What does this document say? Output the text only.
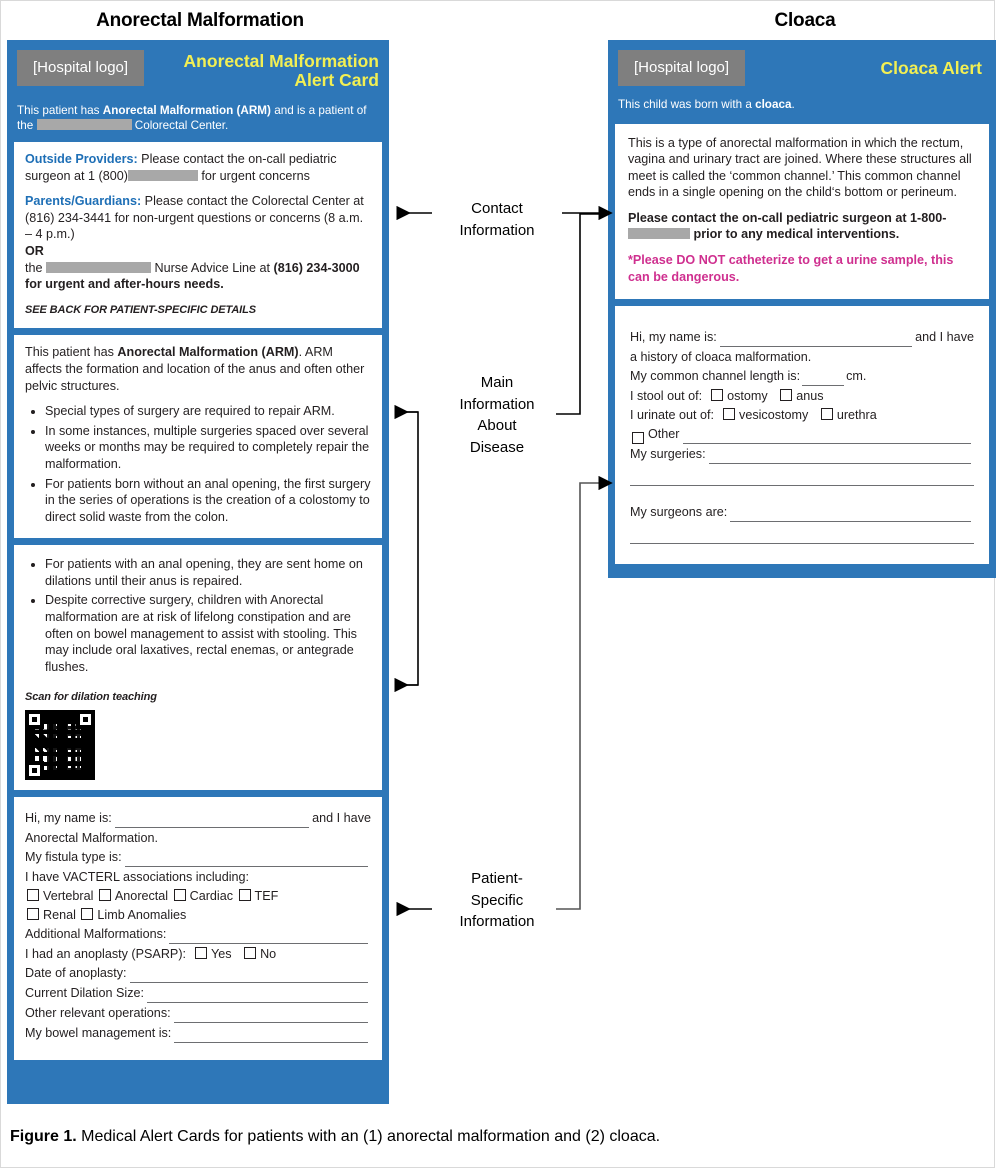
Anorectal Malformation	Cloaca
[Hospital logo]	Anorectal Malformation
Alert Card
This patient has Anorectal Malformation (ARM) and is a patient of the	Colorectal Center.

Outside Providers: Please contact the on-call pediatric surgeon at 1 (800)	for urgent concerns

Parents/Guardians: Please contact the Colorectal Center at (816) 234-3441 for non-urgent questions or concerns (8 a.m. – 4 p.m.)
OR
the	Nurse Advice Line at (816) 234-3000
for urgent and after-hours needs.

SEE BACK FOR PATIENT-SPECIFIC DETAILS

This patient has Anorectal Malformation (ARM). ARM affects the formation and location of the anus and often other pelvic structures.

• Special types of surgery are required to repair ARM.
• In some instances, multiple surgeries spaced over several weeks or months may be required to completely repair the malformation.
• For patients born without an anal opening, the first surgery in the series of operations is the creation of a colostomy to direct solid waste from the colon.
• For patients with an anal opening, they are sent home on dilations until their anus is repaired.
• Despite corrective surgery, children with Anorectal malformation are at risk of lifelong constipation and are often on bowel management to assist with stooling. This may include oral laxatives, rectal enemas, or antegrade flushes.

Scan for dilation teaching

Hi, my name is:	and I have
Anorectal Malformation.
My fistula type is:
I have VACTERL associations including:
Vertebral Anorectal Cardiac TEF
Renal Limb Anomalies
Additional Malformations:
I had an anoplasty (PSARP): Yes No
Date of anoplasty:
Current Dilation Size:
Other relevant operations:
My bowel management is:
[Hospital logo]	Cloaca Alert
This child was born with a cloaca.

This is a type of anorectal malformation in which the rectum, vagina and urinary tract are joined. Where these structures all meet is called the ‘common channel.’ This common channel ends in a single opening on the child‘s bottom or perineum.

Please contact the on-call pediatric surgeon at 1-800- prior to any medical interventions.

*Please DO NOT catheterize to get a urine sample, this can be dangerous.

Hi, my name is:	and I have
a history of cloaca malformation.
My common channel length is:	cm.
I stool out of: ostomy anus
I urinate out of: vesicostomy urethra
Other
My surgeries:
My surgeons are:
Contact
Information
Main
Information
About
Disease
Patient-
Specific
Information
Figure 1. Medical Alert Cards for patients with an (1) anorectal malformation and (2) cloaca.
